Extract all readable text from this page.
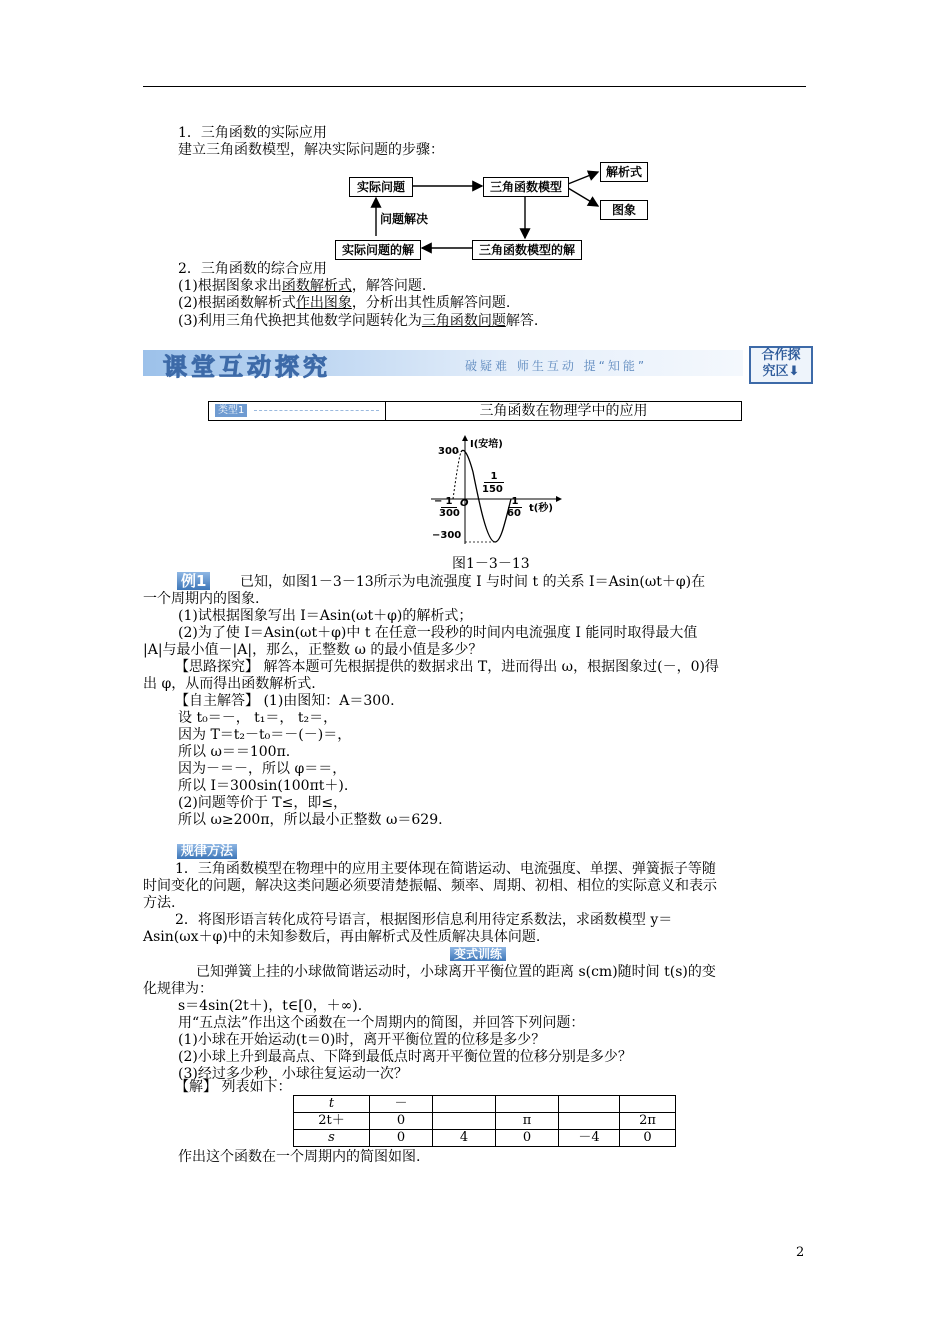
1．三角函数的实际应用
建立三角函数模型，解决实际问题的步骤：
实际问题	三角函数模型
解析式
图象
问题解决
实际问题的解	三角函数模型的解
2．三角函数的综合应用
(1)根据图象求出函数解析式，解答问题.
(2)根据函数解析式作出图象，分析出其性质解答问题.
(3)利用三角代换把其他数学问题转化为三角函数问题解答.
课堂互动探究	破疑难 师生互动 提“知能”
合作探
究区⬇
类型1	三角函数在物理学中的应用
I(安培)
300
1
150
− 1
300
O	1
60 t(秒)
−300
图1－3－13
例1 已知，如图1－3－13所示为电流强度 I 与时间 t 的关系 I＝Asin(ωt＋φ)在
一个周期内的图象.
(1)试根据图象写出 I＝Asin(ωt＋φ)的解析式；
(2)为了使 I＝Asin(ωt＋φ)中 t 在任意一段秒的时间内电流强度 I 能同时取得最大值
|A|与最小值－|A|，那么，正整数 ω 的最小值是多少？
【思路探究】 解答本题可先根据提供的数据求出 T，进而得出 ω，根据图象过(－，0)得
出 φ，从而得出函数解析式.
【自主解答】 (1)由图知：A＝300.
设 t₀＝－， t₁＝， t₂＝，
因为 T＝t₂－t₀＝－(－)＝，
所以 ω＝＝100π.
因为－＝－，所以 φ＝＝，
所以 I＝300sin(100πt＋).
(2)问题等价于 T≤，即≤，
所以 ω≥200π，所以最小正整数 ω＝629.
规律方法
1．三角函数模型在物理中的应用主要体现在简谐运动、电流强度、单摆、弹簧振子等随
时间变化的问题，解决这类问题必须要清楚振幅、频率、周期、初相、相位的实际意义和表示
方法.
2．将图形语言转化成符号语言，根据图形信息利用待定系数法，求函数模型 y＝
Asin(ωx＋φ)中的未知参数后，再由解析式及性质解决具体问题.
变式训练
已知弹簧上挂的小球做简谐运动时，小球离开平衡位置的距离 s(cm)随时间 t(s)的变
化规律为：
s＝4sin(2t＋)，t∈[0，＋∞).
用“五点法”作出这个函数在一个周期内的简图，并回答下列问题：
(1)小球在开始运动(t＝0)时，离开平衡位置的位移是多少？
(2)小球上升到最高点、下降到最低点时离开平衡位置的位移分别是多少？
(3)经过多少秒，小球往复运动一次？
【解】 列表如下：
t	－				
2t＋	0		π		2π
s	0	4	0	－4	0
作出这个函数在一个周期内的简图如图.
2
